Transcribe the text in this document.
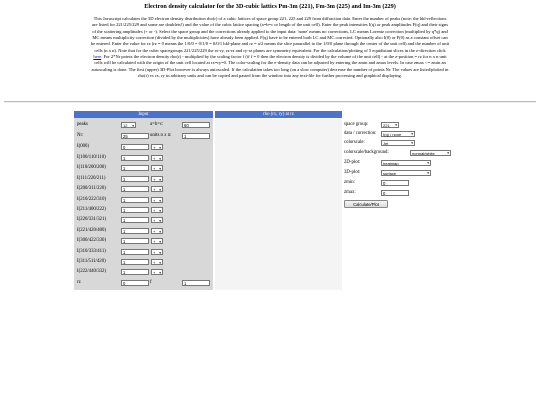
Electron density calculator for the 3D-cubic lattics Pm-3m (221), Fm-3m (225) and Im-3m (229)
This Javascript calculates the 3D electron density distribution rho(r) of a cubic lattices of space group 221, 225 and 229 from diffraction data. Enter the number of peaks (note: the hkl-reflections
are listed for 221/225/229 and some are doublets!) and the value of the cubic lattice spacing (a=b=c or length of the unit cell). Enter the peak intensities I(q) or peak amplitudes F(q) and their signs
of the scattering amplitudes (+ or -). Select the space group and the corrections already applied to the input data: 'none' means no corrections, LC means Lorentz correction (multiplied by q*q) and
MC means multiplicity correction (divided by the multiplicities) have already been applied. F(q) have to be entered both LC and MC corrected. Optionally also I(0) or F(0) as a constant offset can
be entered. Enter the value for rz (rz = 0 means the 1/0/0 = 0/1/0 = 0/0/1 hkl-plane and rz = a/2 means the slice pararallel to the 1/0/0 plane through the center of the unit cell) and the number of unit
cells (n x n). Note that for the cubic spacegroups 221/225/229 the rx-ry, rx-rz and ry-rz planes are symmetry equivalent. For the calculation/plotting of 5 equidistant slices in the z-direction click
here. For 2*Nr points the electron density rho(r) - multiplied by the scaling factor f (if f = 0 then the electron density is divided by the volume of the unit cell) - at the z-position = rz for n x n unit
cells will be calculated with the origin of the unit cell located at rx=ry=0. The color-scaling for the e-density data can be adjusted by entering the zmin and zmax levels. In case zmax <= zmin an
autoscaling is done. The first (upper) 3D-Plot however is always autoscaled. If the calculation takes too long (on a slow computer) decrease the number of points Nr. The values are listed/plotted in
rho(r) vs rx, ry in arbitrary units and can be copied and pasted from the window into any text-file for further processing and graphical displaying.
Input	rho (rx, ry) at rz
peaks	12 ▾	a=b=c:	60
Nr:	25	units n x n:	1
I(000)	0	+ ▾
I(100/110/110)	1	+ ▾
I(110/200/200)	1	+ ▾
I(111/220/211)	1	+ ▾
I(200/311/220)	1	+ ▾
I(210/222/310)	1	+ ▾
I(211/400/222)	1	+ ▾
I(220/331/321)	1	+ ▾
I(221/420/400)	1	+ ▾
I(300/422/330)	1	+ ▾
I(310/333/411)	1	+ ▾
I(311/511/420)	1	+ ▾
I(222/440/332)	1	+ ▾
rz	0	f	1
space group:	221 ▾
data / correction:	I(q) / none	▾
colorscale:	Jet	▾
colorscale/background:	normal/white	▾
2D-plot:	heatmap	▾
3D-plot:	surface	▾
zmin:	0
zmax:	0
Calculate/Plot
